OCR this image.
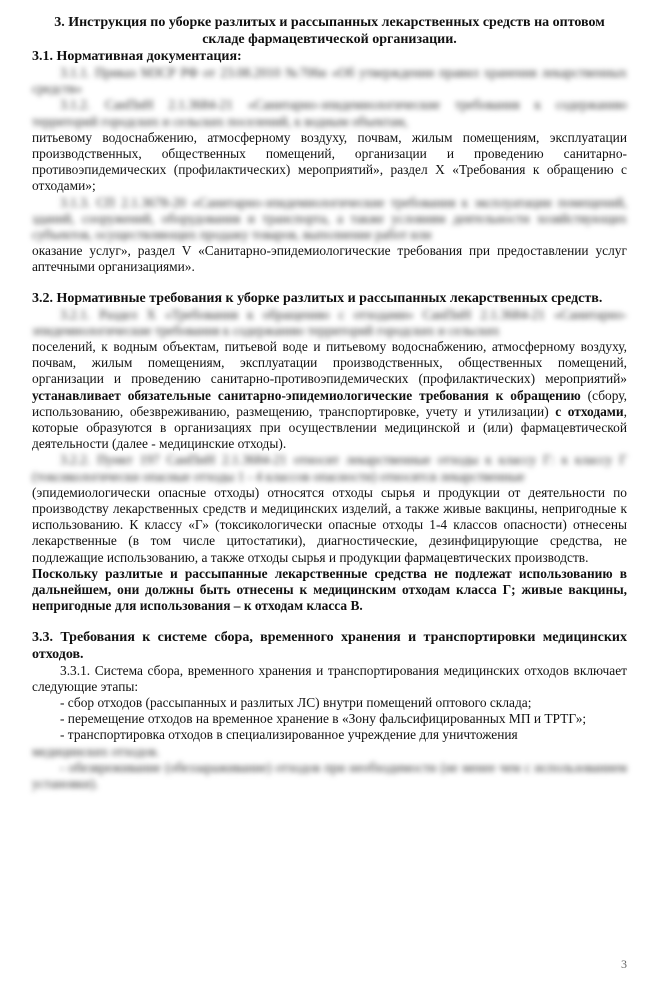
3. Инструкция по уборке разлитых и рассыпанных лекарственных средств на оптовом складе фармацевтической организации.
3.1. Нормативная документация:

3.1.1. Приказ МЗСР РФ от 23.08.2010 №706н «Об утверждении правил хранения лекарственных средств»

3.1.2. СанПиН 2.1.3684-21 «Санитарно-эпидемиологические требования к содержанию территорий городских и сельских поселений, к водным объектам,

питьевому водоснабжению, атмосферному воздуху, почвам, жилым помещениям, эксплуатации производственных, общественных помещений, организации и проведению санитарно-противоэпидемических (профилактических) мероприятий», раздел X «Требования к обращению с отходами»;

3.1.3. СП 2.1.3678-20 «Санитарно-эпидемиологические требования к эксплуатации помещений, зданий, сооружений, оборудования и транспорта, а также условиям деятельности хозяйствующих субъектов, осуществляющих продажу товаров, выполнение работ или

оказание услуг», раздел V «Санитарно-эпидемиологические требования при предоставлении услуг аптечными организациями».

3.2. Нормативные требования к уборке разлитых и рассыпанных лекарственных средств.

3.2.1. Раздел X «Требования к обращению с отходами» СанПиН 2.1.3684-21 «Санитарно-эпидемиологические требования к содержанию территорий городских и сельских

поселений, к водным объектам, питьевой воде и питьевому водоснабжению, атмосферному воздуху, почвам, жилым помещениям, эксплуатации производственных, общественных помещений, организации и проведению санитарно-противоэпидемических (профилактических) мероприятий» устанавливает обязательные санитарно-эпидемиологические требования к обращению (сбору, использованию, обезвреживанию, размещению, транспортировке, учету и утилизации) с отходами, которые образуются в организациях при осуществлении медицинской и (или) фармацевтической деятельности (далее - медицинские отходы).

3.2.2. Пункт 197 СанПиН 2.1.3684-21 относит лекарственные отходы к классу Г: к классу Г (токсикологически опасные отходы 1 - 4 классов опасности) относятся лекарственные

(эпидемиологически опасные отходы) относятся отходы сырья и продукции от деятельности по производству лекарственных средств и медицинских изделий, а также живые вакцины, непригодные к использованию. К классу «Г» (токсикологически опасные отходы 1-4 классов опасности) отнесены лекарственные (в том числе цитостатики), диагностические, дезинфицирующие средства, не подлежащие использованию, а также отходы сырья и продукции фармацевтических производств.

Поскольку разлитые и рассыпанные лекарственные средства не подлежат использованию в дальнейшем, они должны быть отнесены к медицинским отходам класса Г; живые вакцины, непригодные для использования – к отходам класса В.

3.3. Требования к системе сбора, временного хранения и транспортировки медицинских отходов.

3.3.1. Система сбора, временного хранения и транспортирования медицинских отходов включает следующие этапы:

- сбор отходов (рассыпанных и разлитых ЛС) внутри помещений оптового склада;

- перемещение отходов на временное хранение в «Зону фальсифицированных МП и ТРТГ»;

- транспортировка отходов в специализированное учреждение для уничтожения

медицинских отходов.

- обезвреживание (обеззараживание) отходов при необходимости (не менее чем с использованием установки).

3
